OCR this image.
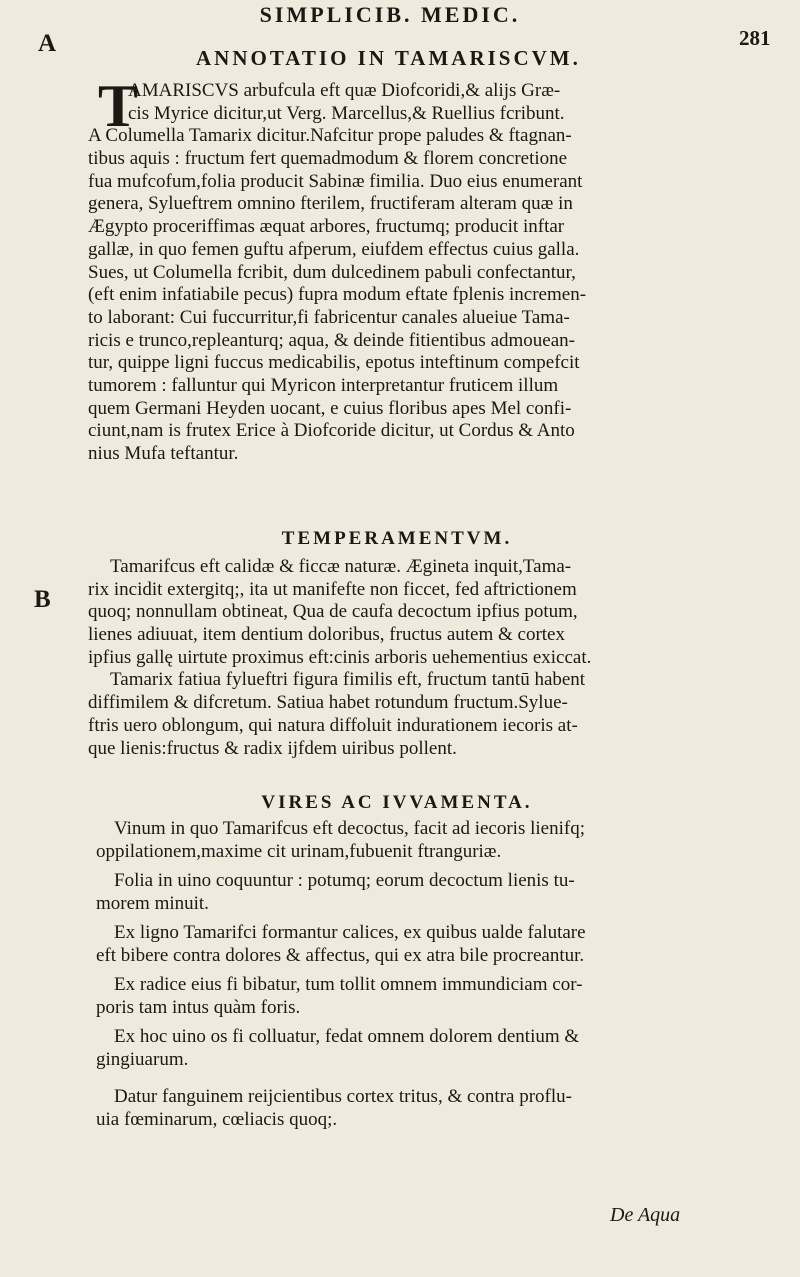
SIMPLICIB. MEDIC.
281
A
B
ANNOTATIO IN TAMARISCVM.
T
AMARISCVS arbufcula eft quæ Diofcoridi,& alijs Græ-
cis Myrice dicitur,ut Verg. Marcellus,& Ruellius fcribunt.
A Columella Tamarix dicitur.Nafcitur prope paludes & ftagnan-
tibus aquis : fructum fert quemadmodum & florem concretione
fua mufcofum,folia producit Sabinæ fimilia. Duo eius enumerant
genera, Sylueftrem omnino fterilem, fructiferam alteram quæ in
Ægypto proceriffimas æquat arbores, fructumq; producit inftar
gallæ, in quo femen guftu afperum, eiufdem effectus cuius galla.
Sues, ut Columella fcribit, dum dulcedinem pabuli confectantur,
(eft enim infatiabile pecus) fupra modum eftate fplenis incremen-
to laborant: Cui fuccurritur,fi fabricentur canales alueiue Tama-
ricis e trunco,repleanturq; aqua, & deinde fitientibus admouean-
tur, quippe ligni fuccus medicabilis, epotus inteftinum compefcit
tumorem : falluntur qui Myricon interpretantur fruticem illum
quem Germani Heyden uocant, e cuius floribus apes Mel confi-
ciunt,nam is frutex Erice à Diofcoride dicitur, ut Cordus & Anto
nius Mufa teftantur.
TEMPERAMENTVM.
Tamarifcus eft calidæ & ficcæ naturæ. Ægineta inquit,Tama-
rix incidit extergitq;, ita ut manifefte non ficcet, fed aftrictionem
quoq; nonnullam obtineat, Qua de caufa decoctum ipfius potum,
lienes adiuuat, item dentium doloribus, fructus autem & cortex
ipfius gallę uirtute proximus eft:cinis arboris uehementius exiccat.
Tamarix fatiua fylueftri figura fimilis eft, fructum tantū habent
diffimilem & difcretum. Satiua habet rotundum fructum.Sylue-
ftris uero oblongum, qui natura diffoluit indurationem iecoris at-
que lienis:fructus & radix ijfdem uiribus pollent.
VIRES AC IVVAMENTA.
Vinum in quo Tamarifcus eft decoctus, facit ad iecoris lienifq;
oppilationem,maxime cit urinam,fubuenit ftranguriæ.
Folia in uino coquuntur : potumq; eorum decoctum lienis tu-
morem minuit.
Ex ligno Tamarifci formantur calices, ex quibus ualde falutare
eft bibere contra dolores & affectus, qui ex atra bile procreantur.
Ex radice eius fi bibatur, tum tollit omnem immundiciam cor-
poris tam intus quàm foris.
Ex hoc uino os fi colluatur, fedat omnem dolorem dentium &
gingiuarum.
Datur fanguinem reijcientibus cortex tritus, & contra proflu-
uia fœminarum, cœliacis quoq;.
De Aqua
